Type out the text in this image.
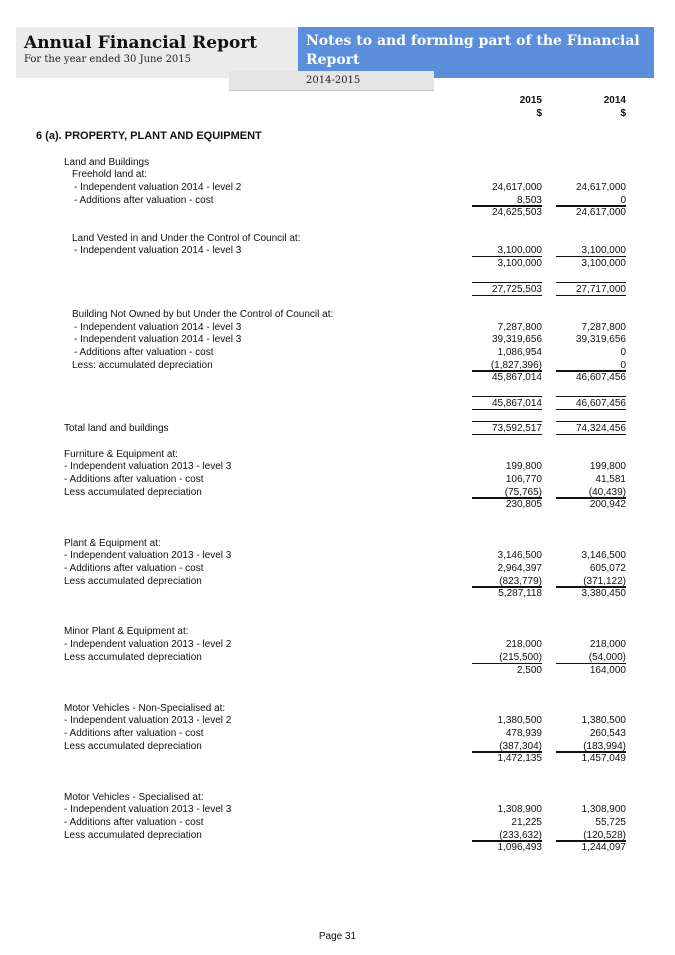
Annual Financial Report
For the year ended 30 June 2015
Notes to and forming part of the Financial Report
2014-2015
2015
$
2014
$
6 (a). PROPERTY, PLANT AND EQUIPMENT
Land and Buildings
Freehold land at:
- Independent valuation 2014 - level 2	24,617,000	24,617,000
- Additions after valuation - cost	8,503	0
24,625,503	24,617,000
Land Vested in and Under the Control of Council at:
- Independent valuation 2014 - level 3	3,100,000	3,100,000
3,100,000	3,100,000
27,725,503	27,717,000
Building Not Owned by but Under the Control of Council at:
- Independent valuation 2014 - level 3	7,287,800	7,287,800
- Independent valuation 2014 - level 3	39,319,656	39,319,656
- Additions after valuation - cost	1,086,954	0
Less: accumulated depreciation	(1,827,396)	0
45,867,014	46,607,456
45,867,014	46,607,456
Total land and buildings	73,592,517	74,324,456
Furniture & Equipment at:
- Independent valuation 2013 - level 3	199,800	199,800
- Additions after valuation - cost	106,770	41,581
Less accumulated depreciation	(75,765)	(40,439)
230,805	200,942
Plant & Equipment at:
- Independent valuation 2013 - level 3	3,146,500	3,146,500
- Additions after valuation - cost	2,964,397	605,072
Less accumulated depreciation	(823,779)	(371,122)
5,287,118	3,380,450
Minor Plant & Equipment at:
- Independent valuation 2013 - level 2	218,000	218,000
Less accumulated depreciation	(215,500)	(54,000)
2,500	164,000
Motor Vehicles - Non-Specialised at:
- Independent valuation 2013 - level 2	1,380,500	1,380,500
- Additions after valuation - cost	478,939	260,543
Less accumulated depreciation	(387,304)	(183,994)
1,472,135	1,457,049
Motor Vehicles - Specialised at:
- Independent valuation 2013 - level 3	1,308,900	1,308,900
- Additions after valuation - cost	21,225	55,725
Less accumulated depreciation	(233,632)	(120,528)
1,096,493	1,244,097
Page 31
